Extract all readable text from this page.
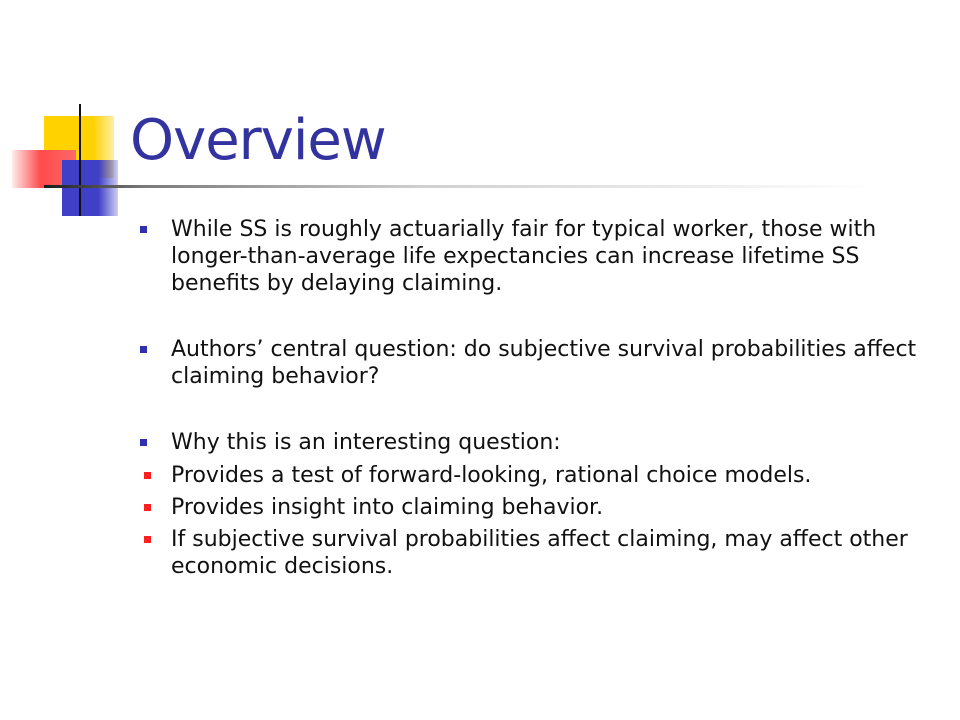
Overview
While SS is roughly actuarially fair for typical worker, those with longer-than-average life expectancies can increase lifetime SS benefits by delaying claiming.
Authors’ central question: do subjective survival probabilities affect claiming behavior?
Why this is an interesting question:
Provides a test of forward-looking, rational choice models.
Provides insight into claiming behavior.
If subjective survival probabilities affect claiming, may affect other economic decisions.
